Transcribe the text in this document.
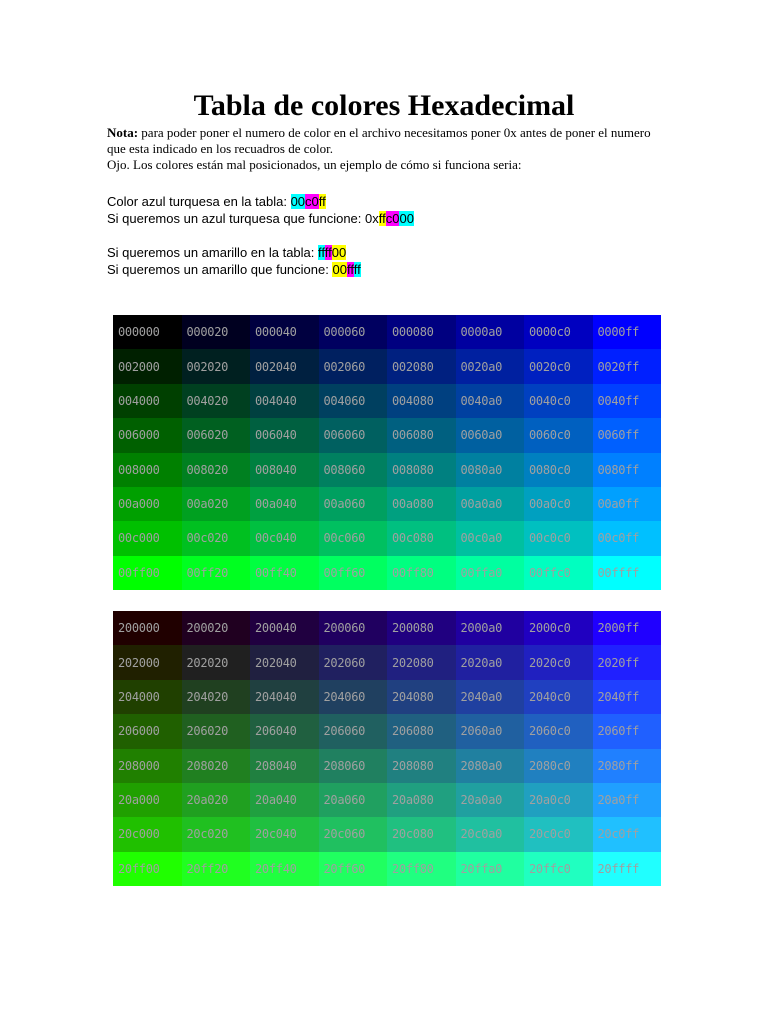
Tabla de colores Hexadecimal
Nota: para poder poner el numero de color en el archivo necesitamos poner 0x antes de poner el numero que esta indicado en los recuadros de color.
Ojo. Los colores están mal posicionados, un ejemplo de cómo si funciona seria:
Color azul turquesa en la tabla: 00c0ff
Si queremos un azul turquesa que funcione: 0xffc000
Si queremos un amarillo en la tabla: ffff00
Si queremos un amarillo que funcione: 00ffff
000000	000020	000040	000060	000080	0000a0	0000c0	0000ff
002000	002020	002040	002060	002080	0020a0	0020c0	0020ff
004000	004020	004040	004060	004080	0040a0	0040c0	0040ff
006000	006020	006040	006060	006080	0060a0	0060c0	0060ff
008000	008020	008040	008060	008080	0080a0	0080c0	0080ff
00a000	00a020	00a040	00a060	00a080	00a0a0	00a0c0	00a0ff
00c000	00c020	00c040	00c060	00c080	00c0a0	00c0c0	00c0ff
00ff00	00ff20	00ff40	00ff60	00ff80	00ffa0	00ffc0	00ffff
200000	200020	200040	200060	200080	2000a0	2000c0	2000ff
202000	202020	202040	202060	202080	2020a0	2020c0	2020ff
204000	204020	204040	204060	204080	2040a0	2040c0	2040ff
206000	206020	206040	206060	206080	2060a0	2060c0	2060ff
208000	208020	208040	208060	208080	2080a0	2080c0	2080ff
20a000	20a020	20a040	20a060	20a080	20a0a0	20a0c0	20a0ff
20c000	20c020	20c040	20c060	20c080	20c0a0	20c0c0	20c0ff
20ff00	20ff20	20ff40	20ff60	20ff80	20ffa0	20ffc0	20ffff
